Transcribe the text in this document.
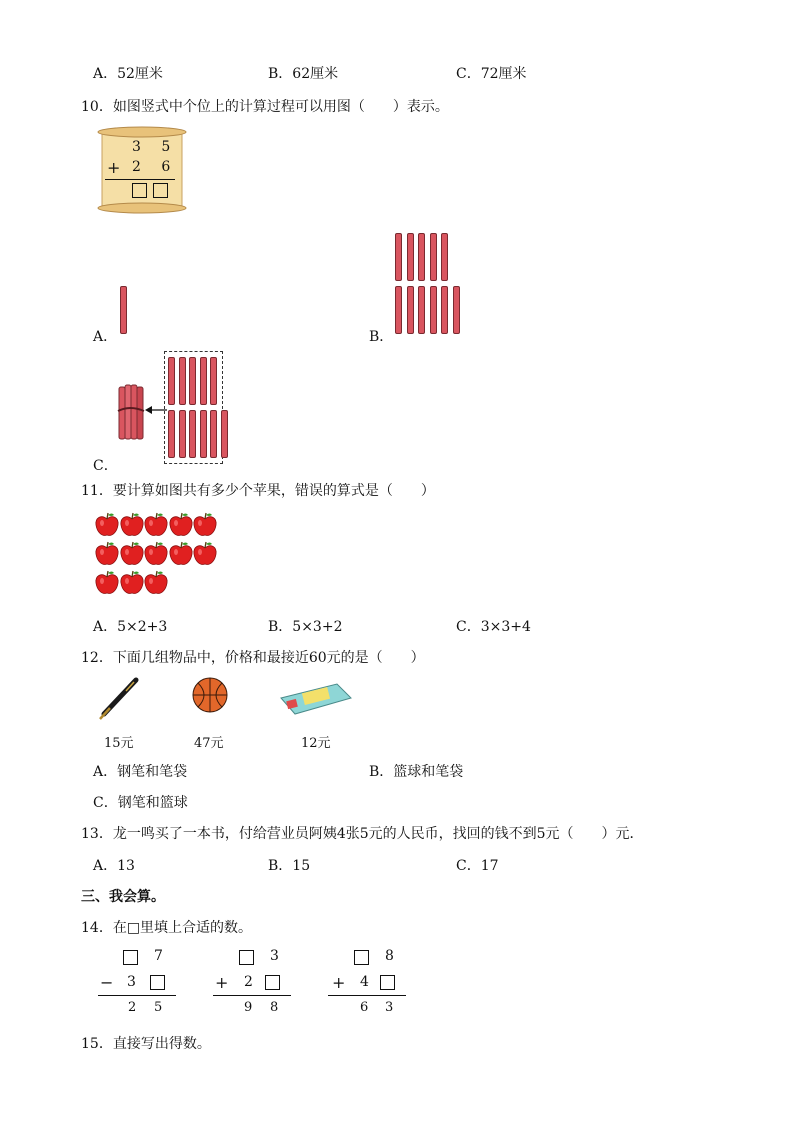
A．52厘米	B．62厘米	C．72厘米
10．如图竖式中个位上的计算过程可以用图（　　）表示。
3 5
+ 2 6
A．	B．
C．
11．要计算如图共有多少个苹果，错误的算式是（　　）
A．5×2+3	B．5×3+2	C．3×3+4
12．下面几组物品中，价格和最接近60元的是（　　）
15元	47元	12元
A．钢笔和笔袋	B．篮球和笔袋
C．钢笔和篮球
13．龙一鸣买了一本书，付给营业员阿姨4张5元的人民币，找回的钱不到5元（　　）元．
A．13	B．15	C．17
三、我会算。
14．在□里填上合适的数。
7
− 3
2 5
3
+ 2
9 8
8
+ 4
6 3
15．直接写出得数。
